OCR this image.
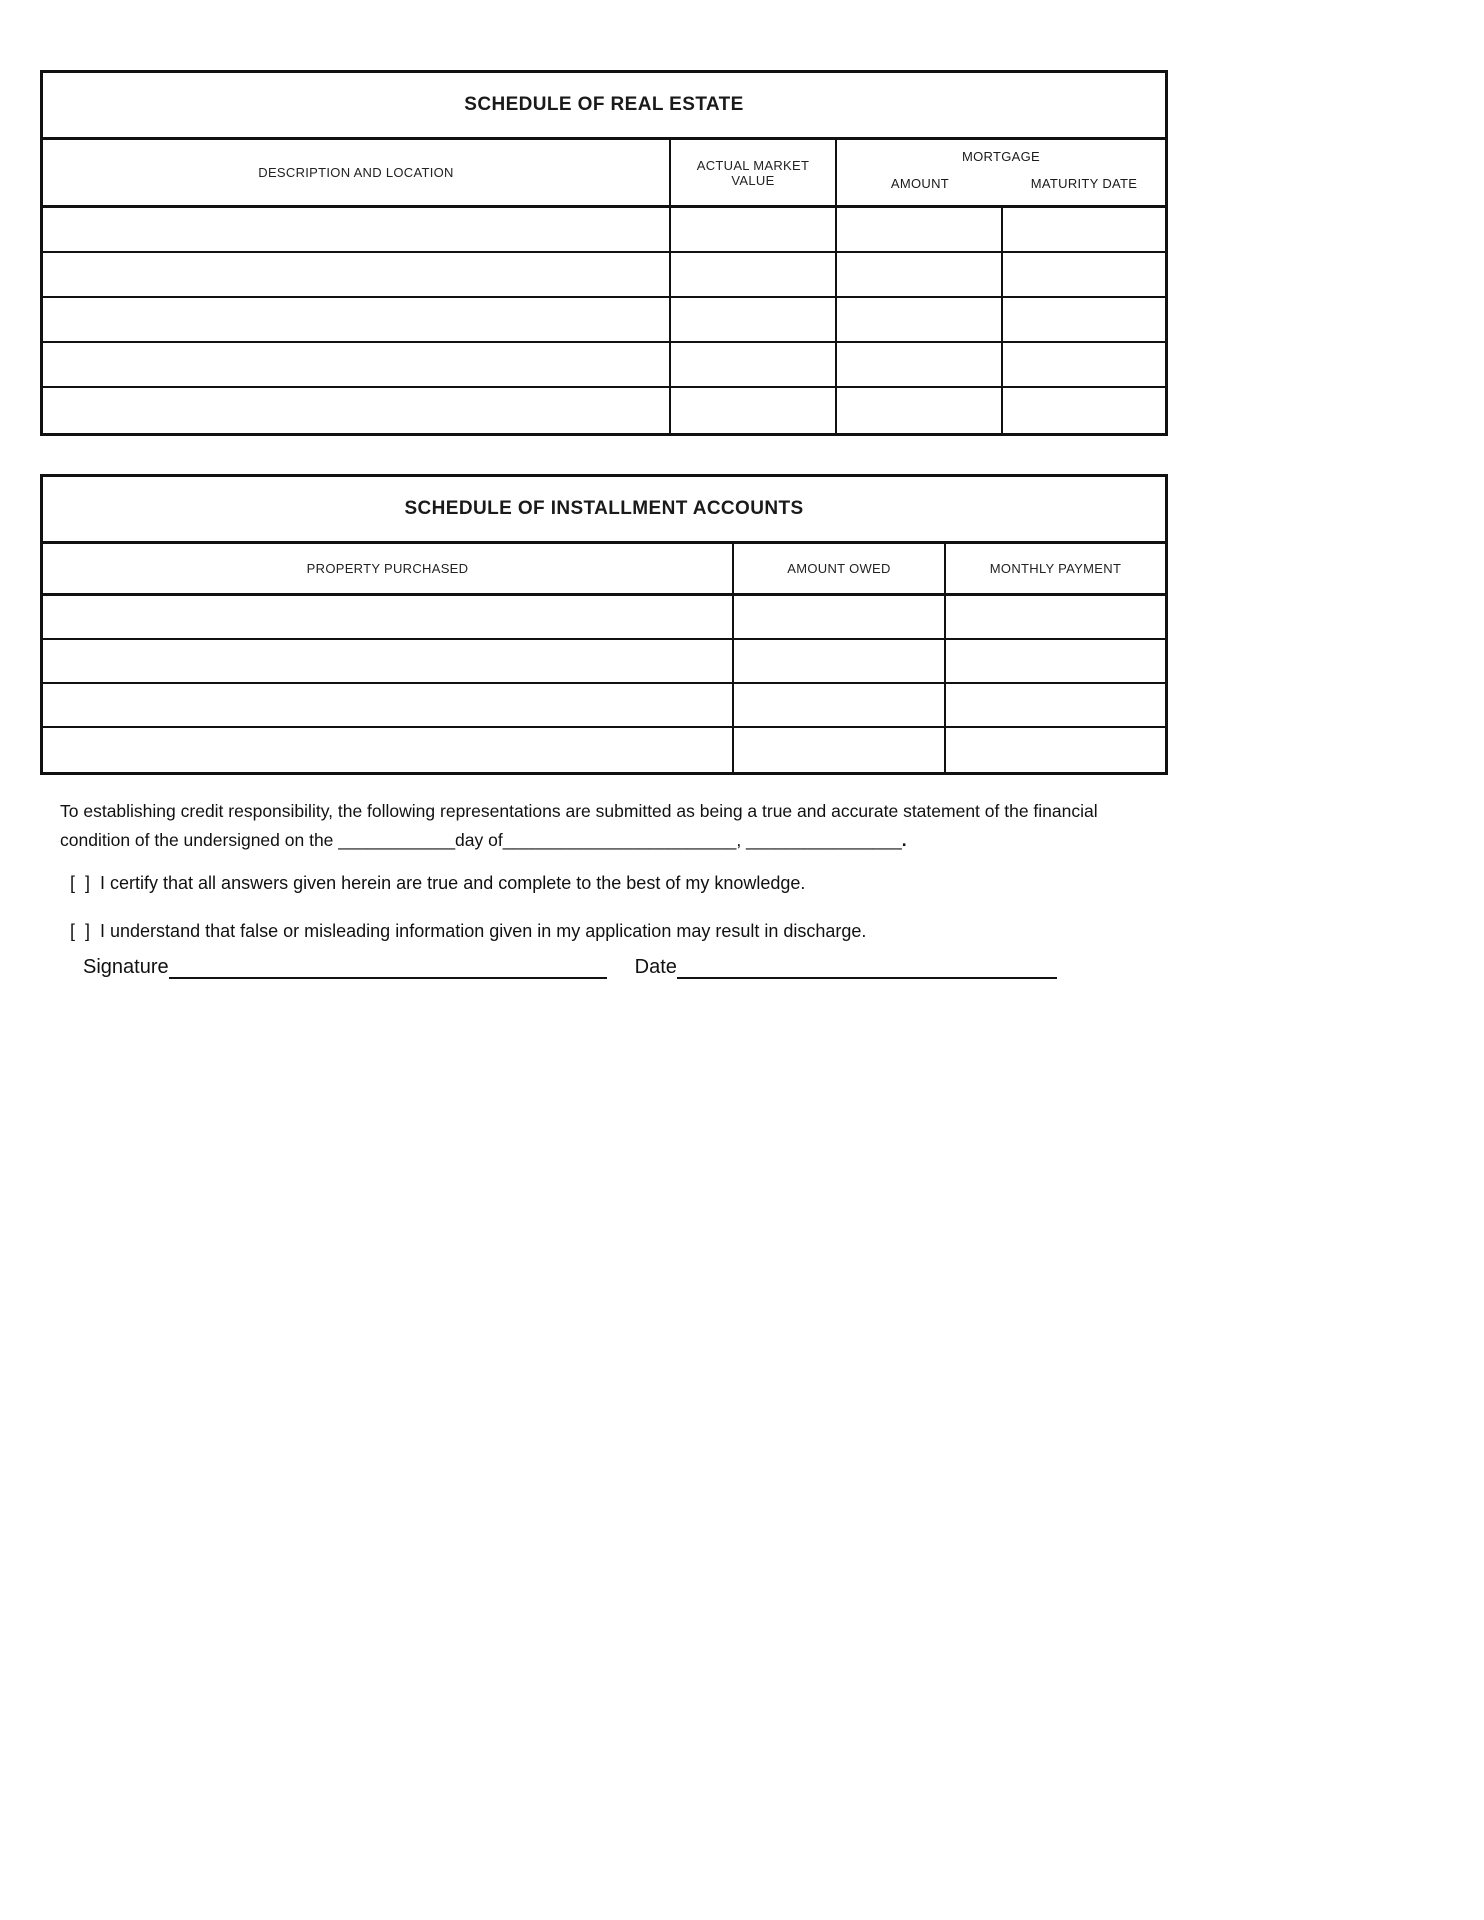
SCHEDULE OF REAL ESTATE
DESCRIPTION AND LOCATION	ACTUAL MARKET VALUE
MORTGAGE
AMOUNT	MATURITY DATE
SCHEDULE OF INSTALLMENT ACCOUNTS
PROPERTY PURCHASED	AMOUNT OWED	MONTHLY PAYMENT
To establishing credit responsibility, the following representations are submitted as being a true and accurate statement of the financial condition of the undersigned on the ____________day of________________________, ________________.
[  ] I certify that all answers given herein are true and complete to the best of my knowledge.
[  ] I understand that false or misleading information given in my application may result in discharge.
Signature	Date
